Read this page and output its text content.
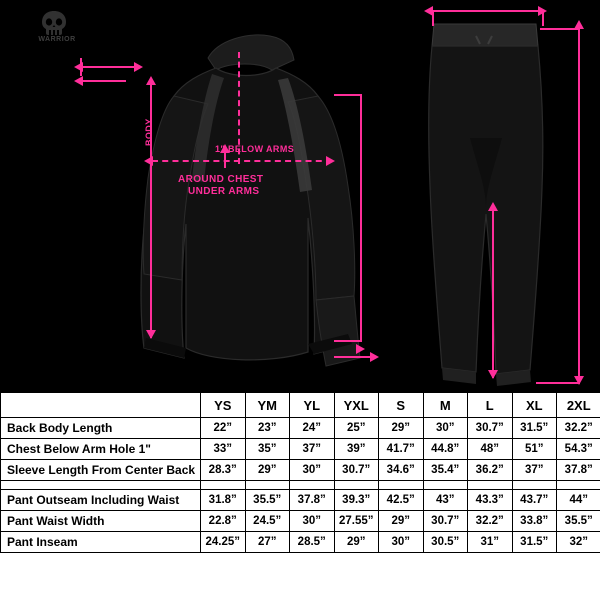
WARRIOR
BODY
1" BELOW ARMS
AROUND CHEST
UNDER ARMS
	YS	YM	YL	YXL	S	M	L	XL	2XL
Back Body Length	22”	23”	24”	25”	29”	30”	30.7”	31.5”	32.2”
Chest Below Arm Hole 1"	33”	35”	37”	39”	41.7”	44.8”	48”	51”	54.3”
Sleeve Length From Center Back	28.3”	29”	30”	30.7”	34.6”	35.4”	36.2”	37”	37.8”

Pant Outseam Including Waist	31.8”	35.5”	37.8”	39.3”	42.5”	43”	43.3”	43.7”	44”
Pant Waist Width	22.8”	24.5”	30”	27.55”	29”	30.7”	32.2”	33.8”	35.5”
Pant Inseam	24.25”	27”	28.5”	29”	30”	30.5”	31”	31.5”	32”
